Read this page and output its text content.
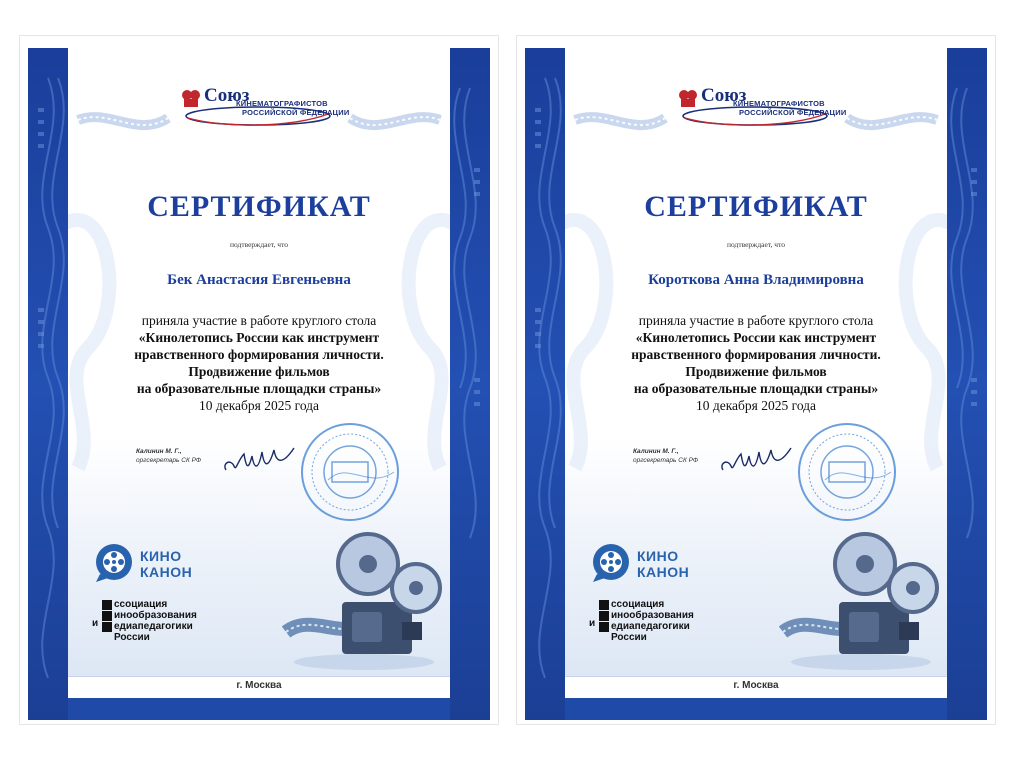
Союз
КИНЕМАТОГРАФИСТОВ
РОССИЙСКОЙ ФЕДЕРАЦИИ
СЕРТИФИКАТ
подтверждает, что
Бек Анастасия Евгеньевна
приняла участие в работе круглого стола
«Кинолетопись России как инструмент
нравственного формирования личности.
Продвижение фильмов
на образовательные площадки страны»
10 декабря 2025 года
Калинин М. Г.,
оргсекретарь СК РФ
КИНО
КАНОН
и
ссоциация
инообразования
едиапедагогики
России
г. Москва
Союз
КИНЕМАТОГРАФИСТОВ
РОССИЙСКОЙ ФЕДЕРАЦИИ
СЕРТИФИКАТ
подтверждает, что
Короткова Анна Владимировна
приняла участие в работе круглого стола
«Кинолетопись России как инструмент
нравственного формирования личности.
Продвижение фильмов
на образовательные площадки страны»
10 декабря 2025 года
Калинин М. Г.,
оргсекретарь СК РФ
КИНО
КАНОН
и
ссоциация
инообразования
едиапедагогики
России
г. Москва
